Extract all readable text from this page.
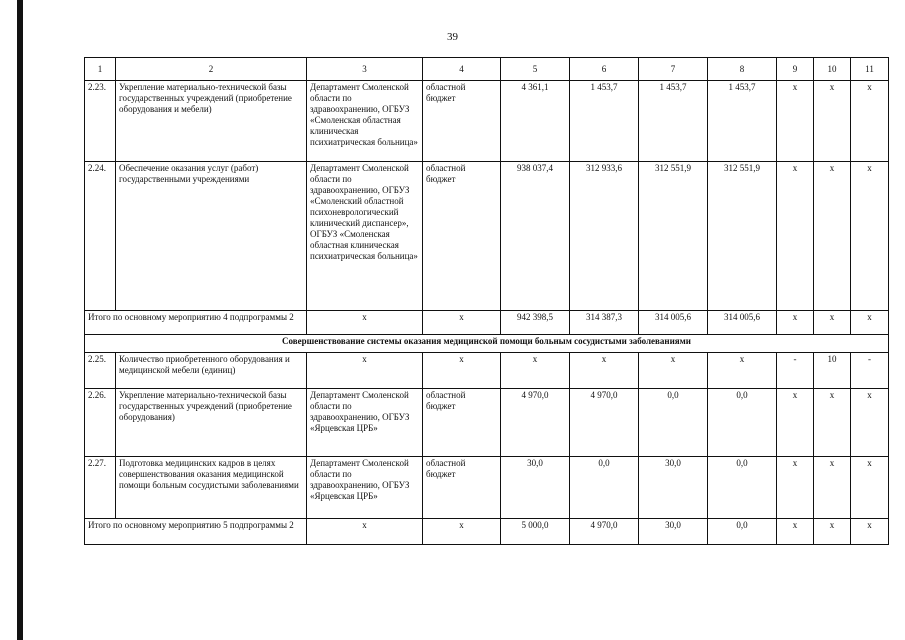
39
1	2	3	4	5	6	7	8	9	10	11
2.23.	Укрепление материально-технической базы государственных учреждений (приобретение оборудования и мебели)	Департамент Смоленской области по здравоохранению, ОГБУЗ «Смоленская областная клиническая психиатрическая больница»	областной бюджет	4 361,1	1 453,7	1 453,7	1 453,7	х	х	х
2.24.	Обеспечение оказания услуг (работ) государственными учреждениями	Департамент Смоленской области по здравоохранению, ОГБУЗ «Смоленский областной психоневрологический клинический диспансер», ОГБУЗ «Смоленская областная клиническая психиатрическая больница»	областной бюджет	938 037,4	312 933,6	312 551,9	312 551,9	х	х	х
Итого по основному мероприятию 4 подпрограммы 2		х	х	942 398,5	314 387,3	314 005,6	314 005,6	х	х	х
Совершенствование системы оказания медицинской помощи больным сосудистыми заболеваниями										
2.25.	Количество приобретенного оборудования и медицинской мебели (единиц)	х	х	х	х	х	х	-	10	-
2.26.	Укрепление материально-технической базы государственных учреждений (приобретение оборудования)	Департамент Смоленской области по здравоохранению, ОГБУЗ «Ярцевская ЦРБ»	областной бюджет	4 970,0	4 970,0	0,0	0,0	х	х	х
2.27.	Подготовка медицинских кадров в целях совершенствования оказания медицинской помощи больным сосудистыми заболеваниями	Департамент Смоленской области по здравоохранению, ОГБУЗ «Ярцевская ЦРБ»	областной бюджет	30,0	0,0	30,0	0,0	х	х	х
Итого по основному мероприятию 5 подпрограммы 2		х	х	5 000,0	4 970,0	30,0	0,0	х	х	х
